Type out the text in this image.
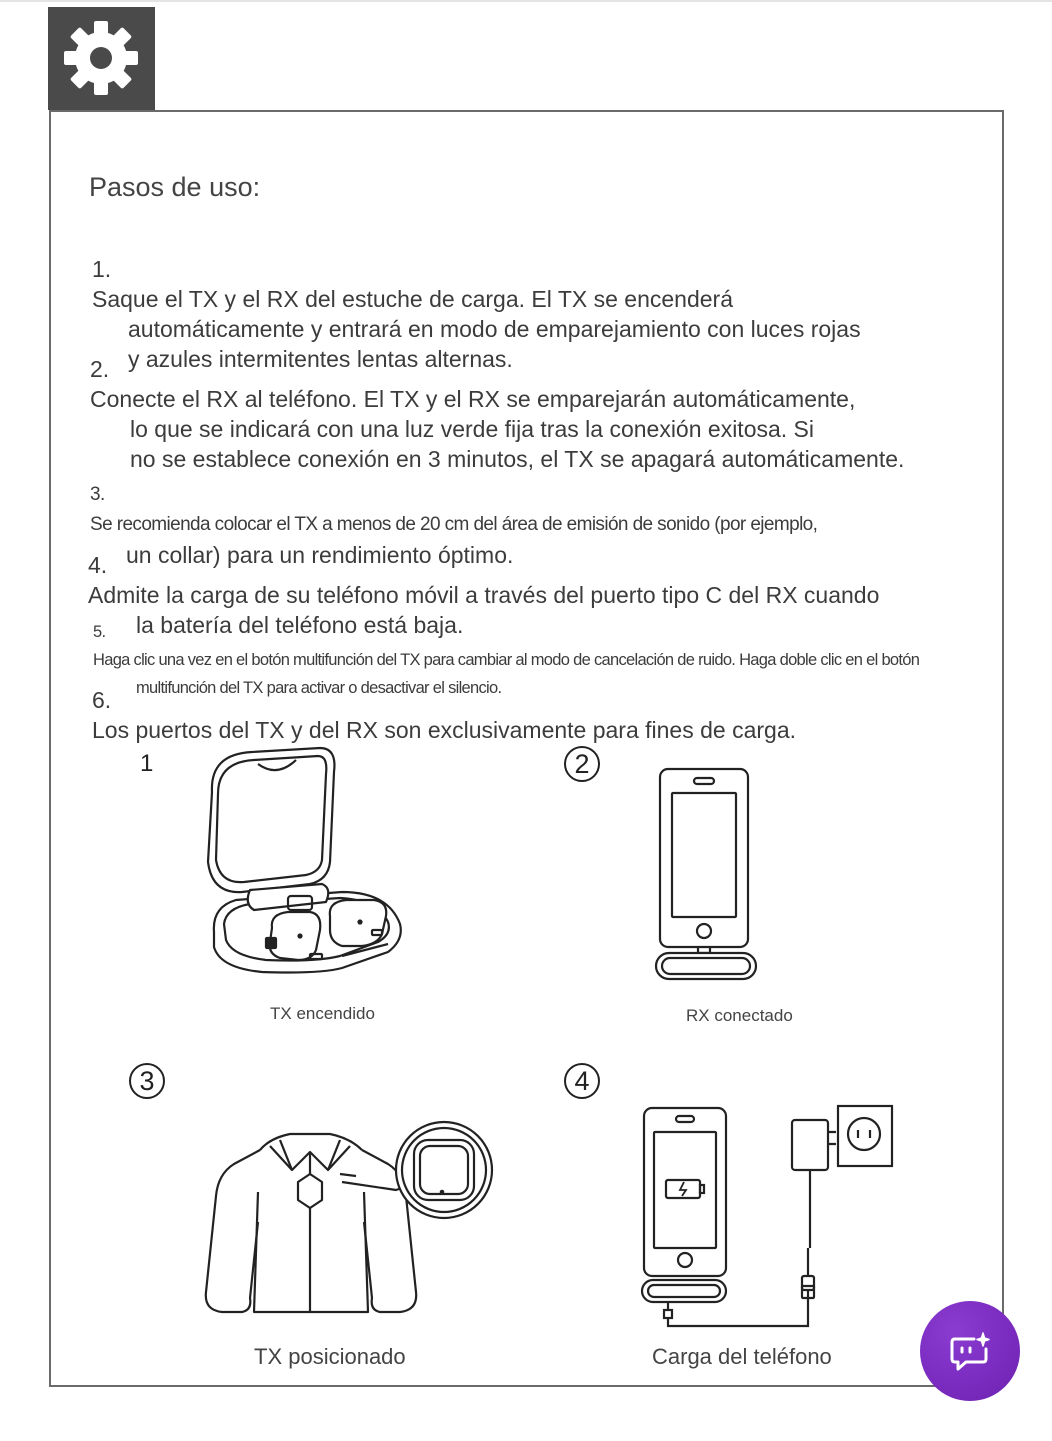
Pasos de uso:

1.
Saque el TX y el RX del estuche de carga. El TX se encenderá

automáticamente y entrará en modo de emparejamiento con luces rojas
y azules intermitentes lentas alternas.

2.
Conecte el RX al teléfono. El TX y el RX se emparejarán automáticamente,

lo que se indicará con una luz verde fija tras la conexión exitosa. Si
no se establece conexión en 3 minutos, el TX se apagará automáticamente.

3.
Se recomienda colocar el TX a menos de 20 cm del área de emisión de sonido (por ejemplo,

un collar) para un rendimiento óptimo.

4.
Admite la carga de su teléfono móvil a través del puerto tipo C del RX cuando

la batería del teléfono está baja.

5.
Haga clic una vez en el botón multifunción del TX para cambiar al modo de cancelación de ruido. Haga doble clic en el botón

multifunción del TX para activar o desactivar el silencio.

6.
Los puertos del TX y del RX son exclusivamente para fines de carga.

1
TX encendido
2
RX conectado
3
TX posicionado
4
Carga del teléfono
